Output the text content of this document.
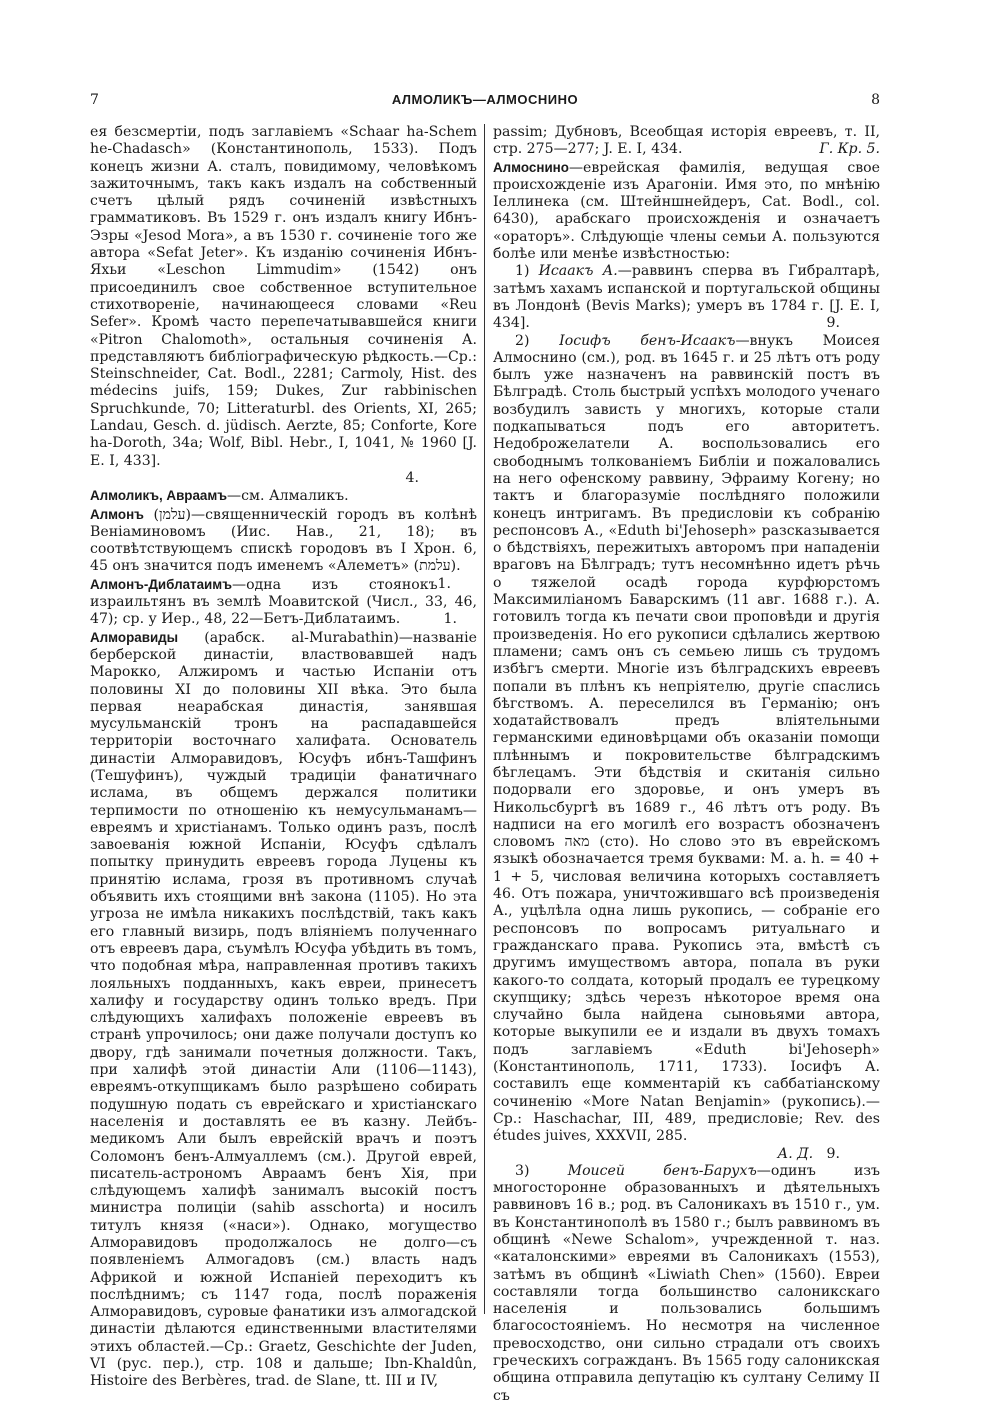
7	АЛМОЛИКЪ—АЛМОСНИНО	8

ея безсмертіи, подъ заглавіемъ «Schaar ha-Schem he-Chadasch» (Константинополь, 1533). Подъ конецъ жизни А. сталъ, повидимому, человѣкомъ зажиточнымъ, такъ какъ издалъ на собственный счетъ цѣлый рядъ сочиненій извѣстныхъ грамматиковъ. Въ 1529 г. онъ издалъ книгу Ибнъ-Эзры «Jesod Mora», а въ 1530 г. сочиненіе того же автора «Sefat Jeter». Къ изданію сочиненія Ибнъ-Яхьи «Leschon Limmudim» (1542) онъ присоединилъ свое собственное вступительное стихотвореніе, начинающееся словами «Reu Sefer». Кромѣ часто перепечатывавшейся книги «Pitron Chalomoth», остальныя сочиненія А. представляютъ библіографическую рѣдкость.—Ср.: Steinschneider, Cat. Bodl., 2281; Carmoly, Hist. des médecins juifs, 159; Dukes, Zur rabbinischen Spruchkunde, 70; Litteraturbl. des Orients, XI, 265; Landau, Gesch. d. jüdisch. Aerzte, 85; Conforte, Kore ha-Doroth, 34a; Wolf, Bibl. Hebr., I, 1041, № 1960 [J. E. I, 433].

4.

Алмоликъ, Авраамъ—см. Алмаликъ.

Алмонъ (עלמן)—священническій городъ въ колѣнѣ Веніаминовомъ (Иис. Нав., 21, 18); въ соотвѣтствующемъ спискѣ городовъ въ I Хрон. 6, 45 онъ значится подъ именемъ «Алеметъ» (עלמת).
1.

Алмонъ-Диблатаимъ—одна изъ стоянокъ израильтянъ въ землѣ Моавитской (Числ., 33, 46, 47); ср. у Иер., 48, 22—Бетъ-Диблатаимъ.	1.

Алморавиды (арабск. al-Murabathin)—названіе берберской династіи, властвовавшей надъ Марокко, Алжиромъ и частью Испаніи отъ половины XI до половины XII вѣка. Это была первая неарабская династія, занявшая мусульманскій тронъ на распадавшейся территоріи восточнаго халифата. Основатель династіи Алморавидовъ, Юсуфъ ибнъ-Ташфинъ (Тешуфинъ), чуждый традиціи фанатичнаго ислама, въ общемъ держался политики терпимости по отношенію къ немусульманамъ—евреямъ и христіанамъ. Только одинъ разъ, послѣ завоеванія южной Испаніи, Юсуфъ сдѣлалъ попытку принудить евреевъ города Луцены къ принятію ислама, грозя въ противномъ случаѣ объявить ихъ стоящими внѣ закона (1105). Но эта угроза не имѣла никакихъ послѣдствій, такъ какъ его главный визирь, подъ вліяніемъ полученнаго отъ евреевъ дара, съумѣлъ Юсуфа убѣдить въ томъ, что подобная мѣра, направленная противъ такихъ лояльныхъ подданныхъ, какъ евреи, принесетъ халифу и государству одинъ только вредъ. При слѣдующихъ халифахъ положеніе евреевъ въ странѣ упрочилось; они даже получали доступъ ко двору, гдѣ занимали почетныя должности. Такъ, при халифѣ этой династіи Али (1106—1143), евреямъ-откупщикамъ было разрѣшено собирать подушную подать съ еврейскаго и христіанскаго населенія и доставлять ее въ казну. Лейбъ-медикомъ Али былъ еврейскій врачъ и поэтъ Соломонъ бенъ-Алмуаллемъ (см.). Другой еврей, писатель-астрономъ Авраамъ бенъ Хія, при слѣдующемъ халифѣ занималъ высокій постъ министра полиціи (sahib asschorta) и носилъ титулъ князя («наси»). Однако, могущество Алморавидовъ продолжалось не долго—съ появленіемъ Алмогадовъ (см.) власть надъ Африкой и южной Испаніей переходитъ къ послѣднимъ; съ 1147 года, послѣ пораженія Алморавидовъ, суровые фанатики изъ алмогадской династіи дѣлаются единственными властителями этихъ областей.—Ср.: Graetz, Geschichte der Juden, VI (рус. пер.), стр. 108 и дальше; Ibn-Khaldûn, Histoire des Berbères, trad. de Slane, tt. III и IV,

passim; Дубновъ, Всеобщая исторія евреевъ, т. II, стр. 275—277; J. E. I, 434.	Г. Кр. 5.

Алмоснино—еврейская фамилія, ведущая свое происхожденіе изъ Арагоніи. Имя это, по мнѣнію Іеллинека (см. Штейншнейдеръ, Cat. Bodl., col. 6430), арабскаго происхожденія и означаетъ «ораторъ». Слѣдующіе члены семьи А. пользуются болѣе или менѣе извѣстностью:

1) Исаакъ А.—раввинъ сперва въ Гибралтарѣ, затѣмъ хахамъ испанской и португальской общины въ Лондонѣ (Bevis Marks); умеръ въ 1784 г. [J. E. I, 434].	9.

2) Іосифъ бенъ-Исаакъ—внукъ Моисея Алмоснино (см.), род. въ 1645 г. и 25 лѣтъ отъ роду былъ уже назначенъ на раввинскій постъ въ Бѣлградѣ. Столь быстрый успѣхъ молодого ученаго возбудилъ зависть у многихъ, которые стали подкапываться подъ его авторитетъ. Недоброжелатели А. воспользовались его свободнымъ толкованіемъ Библіи и пожаловались на него офенскому раввину, Эфраиму Когену; но тактъ и благоразуміе послѣдняго положили конецъ интригамъ. Въ предисловіи къ собранію респонсовъ А., «Eduth bi'Jehoseph» разсказывается о бѣдствіяхъ, пережитыхъ авторомъ при нападеніи враговъ на Бѣлградъ; тутъ несомнѣнно идетъ рѣчь о тяжелой осадѣ города курфюрстомъ Максимиліаномъ Баварскимъ (11 авг. 1688 г.). А. готовилъ тогда къ печати свои проповѣди и другія произведенія. Но его рукописи сдѣлались жертвою пламени; самъ онъ съ семьею лишь съ трудомъ избѣгъ смерти. Многіе изъ бѣлградскихъ евреевъ попали въ плѣнъ къ непріятелю, другіе спаслись бѣгствомъ. А. переселился въ Германію; онъ ходатайствовалъ предъ вліятельными германскими единовѣрцами объ оказаніи помощи плѣннымъ и покровительстве бѣлградскимъ бѣглецамъ. Эти бѣдствія и скитанія сильно подорвали его здоровье, и онъ умеръ въ Никольсбургѣ въ 1689 г., 46 лѣтъ отъ роду. Въ надписи на его могилѣ его возрастъ обозначенъ словомъ מאה (сто). Но слово это въ еврейскомъ языкѣ обозначается тремя буквами: M. a. h. = 40 + 1 + 5, числовая величина которыхъ составляетъ 46. Отъ пожара, уничтожившаго всѣ произведенія А., уцѣлѣла одна лишь рукопись, — собраніе его респонсовъ по вопросамъ ритуальнаго и гражданскаго права. Рукопись эта, вмѣстѣ съ другимъ имуществомъ автора, попала въ руки какого-то солдата, который продалъ ее турецкому скупщику; здѣсь черезъ нѣкоторое время она случайно была найдена сыновьями автора, которые выкупили ее и издали въ двухъ томахъ подъ заглавіемъ «Eduth bi'Jehoseph» (Константинополь, 1711, 1733). Іосифъ А. составилъ еще комментарій къ саббатіанскому сочиненію «More Natan Benjamin» (рукопись).—Ср.: Haschachar, III, 489, предисловіе; Rev. des études juives, XXXVII, 285.

А. Д. 9.

3)	Моисей бенъ-Барухъ—одинъ изъ многосторонне образованныхъ и дѣятельныхъ раввиновъ 16 в.; род. въ Салоникахъ въ 1510 г., ум. въ Константинополѣ въ 1580 г.; былъ раввиномъ въ общинѣ «Newe Schalom», учрежденной т. наз. «каталонскими» евреями въ Салоникахъ (1553), затѣмъ въ общинѣ «Liwiath Chen» (1560). Евреи составляли тогда большинство салоникскаго населенія и пользовались большимъ благосостояніемъ. Но несмотря на численное превосходство, они сильно страдали отъ своихъ греческихъ согражданъ. Въ 1565 году салоникская община отправила депутацію къ султану Селиму II съ
